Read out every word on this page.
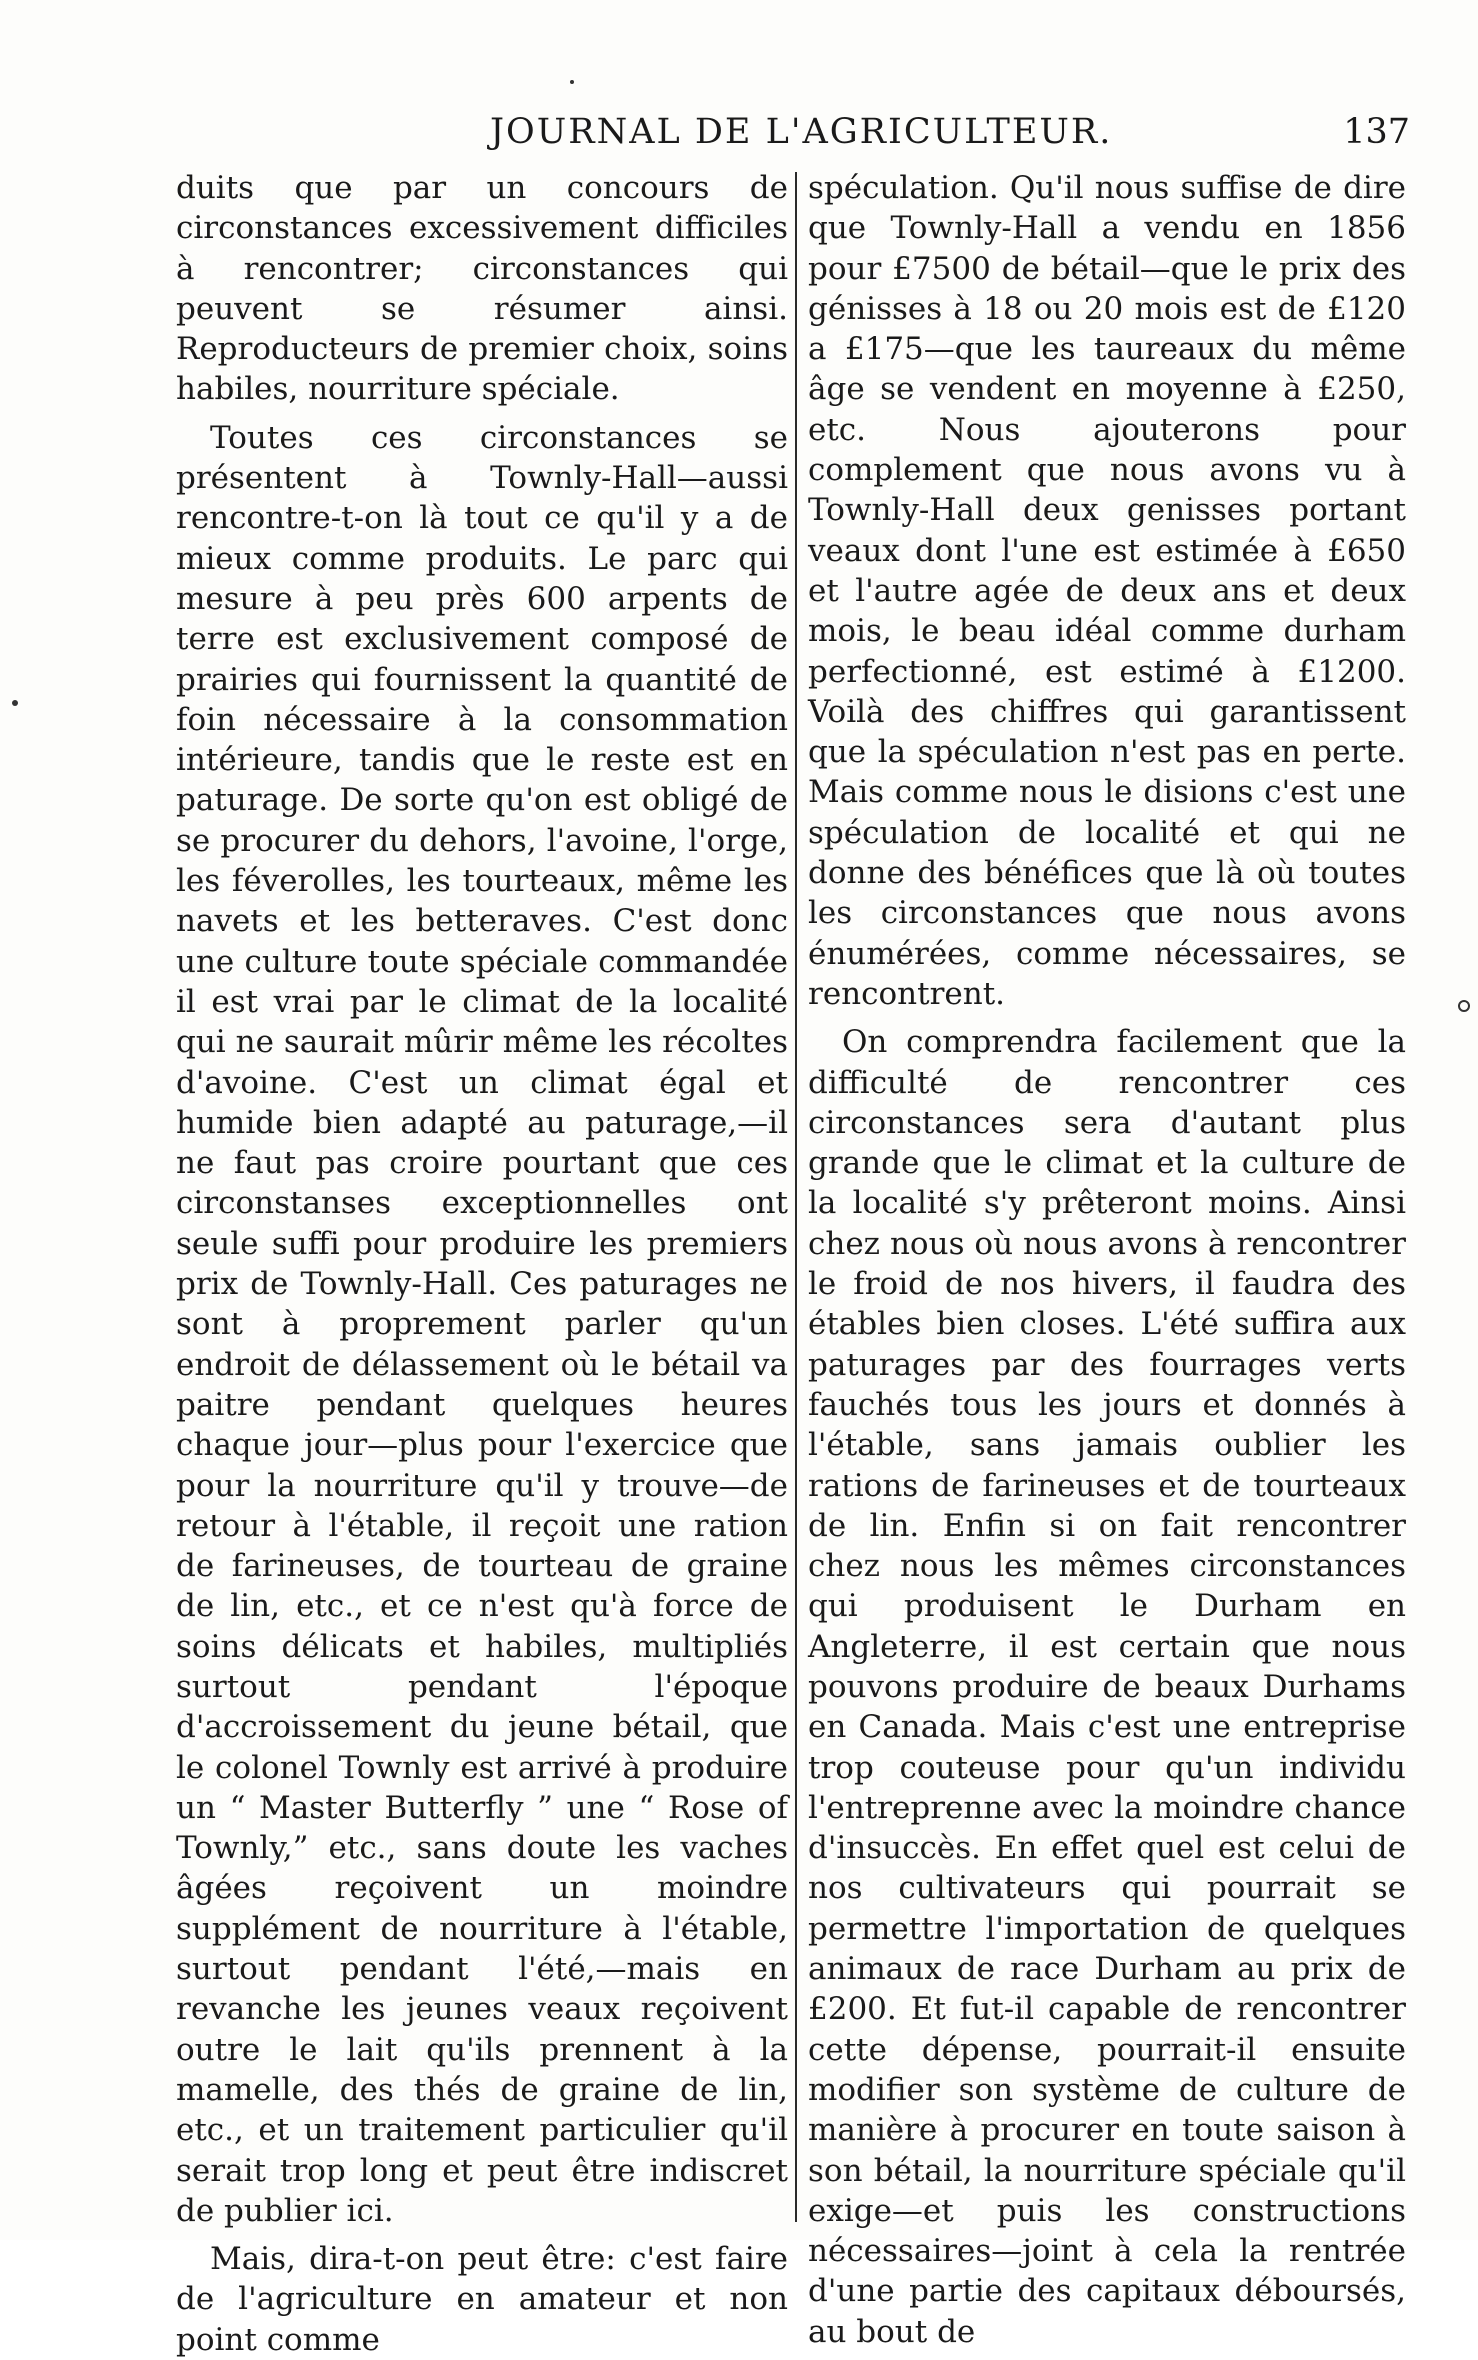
JOURNAL DE L'AGRICULTEUR.	137

duits que par un concours de circonstances excessivement difficiles à rencontrer; circonstances qui peuvent se résumer ainsi. Reproducteurs de premier choix, soins habiles, nourriture spéciale.

Toutes ces circonstances se présentent à Townly-Hall—aussi rencontre-t-on là tout ce qu'il y a de mieux comme produits. Le parc qui mesure à peu près 600 arpents de terre est exclusivement composé de prairies qui fournissent la quantité de foin nécessaire à la consommation intérieure, tandis que le reste est en paturage. De sorte qu'on est obligé de se procurer du dehors, l'avoine, l'orge, les féverolles, les tourteaux, même les navets et les betteraves. C'est donc une culture toute spéciale commandée il est vrai par le climat de la localité qui ne saurait mûrir même les récoltes d'avoine. C'est un climat égal et humide bien adapté au paturage,—il ne faut pas croire pourtant que ces circonstanses exceptionnelles ont seule suffi pour produire les premiers prix de Townly-Hall. Ces paturages ne sont à proprement parler qu'un endroit de délassement où le bétail va paitre pendant quelques heures chaque jour—plus pour l'exercice que pour la nourriture qu'il y trouve—de retour à l'étable, il reçoit une ration de farineuses, de tourteau de graine de lin, etc., et ce n'est qu'à force de soins délicats et habiles, multipliés surtout pendant l'époque d'accroissement du jeune bétail, que le colonel Townly est arrivé à produire un “ Master Butterfly ” une “ Rose of Townly,” etc., sans doute les vaches âgées reçoivent un moindre supplément de nourriture à l'étable, surtout pendant l'été,—mais en revanche les jeunes veaux reçoivent outre le lait qu'ils prennent à la mamelle, des thés de graine de lin, etc., et un traitement particulier qu'il serait trop long et peut être indiscret de publier ici.

Mais, dira-t-on peut être: c'est faire de l'agriculture en amateur et non point comme

spéculation. Qu'il nous suffise de dire que Townly-Hall a vendu en 1856 pour £7500 de bétail—que le prix des génisses à 18 ou 20 mois est de £120 a £175—que les taureaux du même âge se vendent en moyenne à £250, etc. Nous ajouterons pour complement que nous avons vu à Townly-Hall deux genisses portant veaux dont l'une est estimée à £650 et l'autre agée de deux ans et deux mois, le beau idéal comme durham perfectionné, est estimé à £1200. Voilà des chiffres qui garantissent que la spéculation n'est pas en perte. Mais comme nous le disions c'est une spéculation de localité et qui ne donne des bénéfices que là où toutes les circonstances que nous avons énumérées, comme nécessaires, se rencontrent.

On comprendra facilement que la difficulté de rencontrer ces circonstances sera d'autant plus grande que le climat et la culture de la localité s'y prêteront moins. Ainsi chez nous où nous avons à rencontrer le froid de nos hivers, il faudra des étables bien closes. L'été suffira aux paturages par des fourrages verts fauchés tous les jours et donnés à l'étable, sans jamais oublier les rations de farineuses et de tourteaux de lin. Enfin si on fait rencontrer chez nous les mêmes circonstances qui produisent le Durham en Angleterre, il est certain que nous pouvons produire de beaux Durhams en Canada. Mais c'est une entreprise trop couteuse pour qu'un individu l'entreprenne avec la moindre chance d'insuccès. En effet quel est celui de nos cultivateurs qui pourrait se permettre l'importation de quelques animaux de race Durham au prix de £200. Et fut-il capable de rencontrer cette dépense, pourrait-il ensuite modifier son système de culture de manière à procurer en toute saison à son bétail, la nourriture spéciale qu'il exige—et puis les constructions nécessaires—joint à cela la rentrée d'une partie des capitaux déboursés, au bout de
